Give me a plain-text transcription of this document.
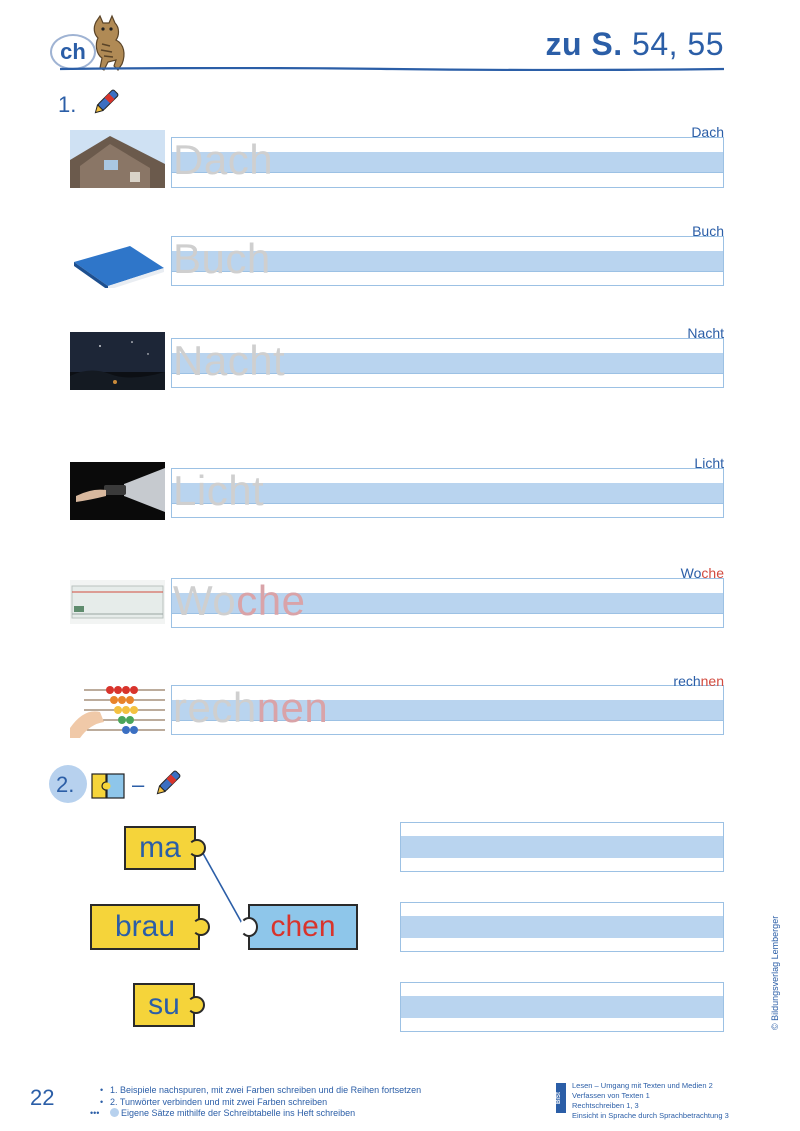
ch	zu S. 54, 55
1.
Dach
Dach
Buch
Buch
Nacht
Nacht
Licht
Licht
Woche
Woche
rechnen
rechnen
2.	–
ma
brau
su
chen
22	• 1. Beispiele nachspuren, mit zwei Farben schreiben und die Reihen fortsetzen
• 2. Tunwörter verbinden und mit zwei Farben schreiben
••• Eigene Sätze mithilfe der Schreibtabelle ins Heft schreiben
BiSt
Lesen – Umgang mit Texten und Medien 2
Verfassen von Texten 1
Rechtschreiben 1, 3
Einsicht in Sprache durch Sprachbetrachtung 3
© Bildungsverlag Lemberger
